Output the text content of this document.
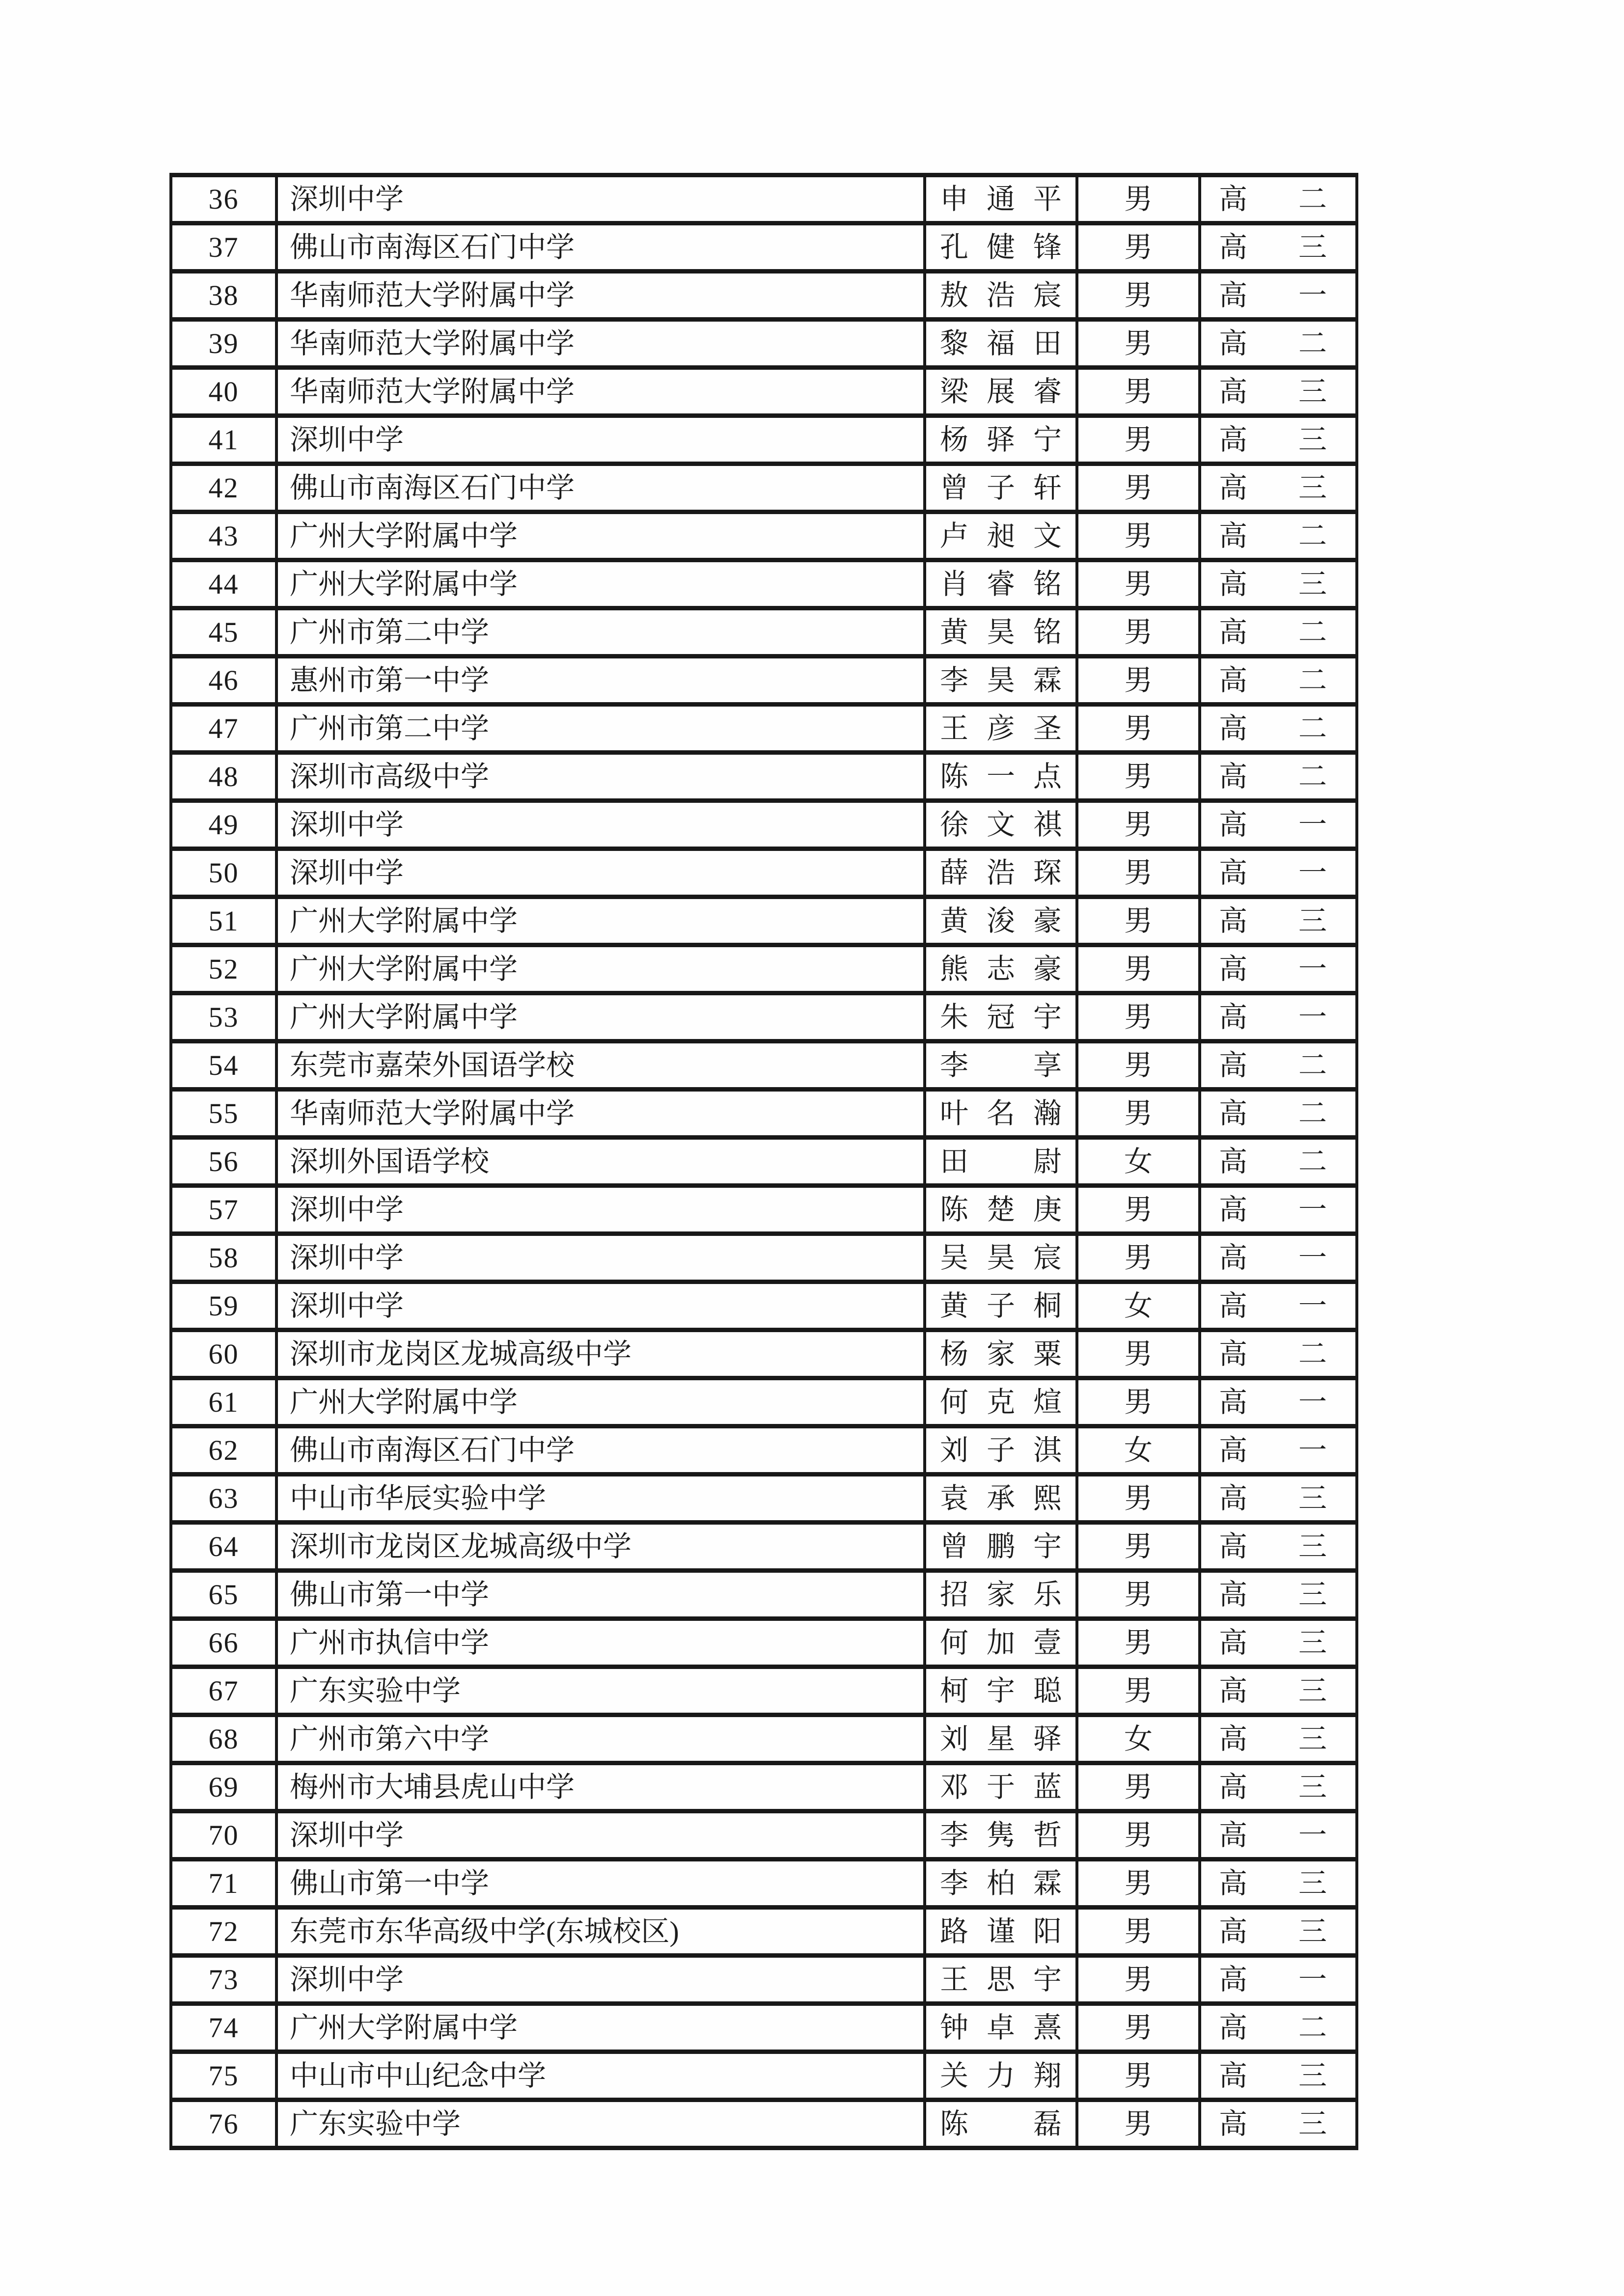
36	深圳中学	申通平	男	高二
37	佛山市南海区石门中学	孔健锋	男	高三
38	华南师范大学附属中学	敖浩宸	男	高一
39	华南师范大学附属中学	黎福田	男	高二
40	华南师范大学附属中学	梁展睿	男	高三
41	深圳中学	杨驿宁	男	高三
42	佛山市南海区石门中学	曾子轩	男	高三
43	广州大学附属中学	卢昶文	男	高二
44	广州大学附属中学	肖睿铭	男	高三
45	广州市第二中学	黄昊铭	男	高二
46	惠州市第一中学	李昊霖	男	高二
47	广州市第二中学	王彦圣	男	高二
48	深圳市高级中学	陈一点	男	高二
49	深圳中学	徐文祺	男	高一
50	深圳中学	薛浩琛	男	高一
51	广州大学附属中学	黄浚豪	男	高三
52	广州大学附属中学	熊志豪	男	高一
53	广州大学附属中学	朱冠宇	男	高一
54	东莞市嘉荣外国语学校	李享	男	高二
55	华南师范大学附属中学	叶名瀚	男	高二
56	深圳外国语学校	田尉	女	高二
57	深圳中学	陈楚庚	男	高一
58	深圳中学	吴昊宸	男	高一
59	深圳中学	黄子桐	女	高一
60	深圳市龙岗区龙城高级中学	杨家粟	男	高二
61	广州大学附属中学	何克煊	男	高一
62	佛山市南海区石门中学	刘子淇	女	高一
63	中山市华辰实验中学	袁承熙	男	高三
64	深圳市龙岗区龙城高级中学	曾鹏宇	男	高三
65	佛山市第一中学	招家乐	男	高三
66	广州市执信中学	何加壹	男	高三
67	广东实验中学	柯宇聪	男	高三
68	广州市第六中学	刘星驿	女	高三
69	梅州市大埔县虎山中学	邓于蓝	男	高三
70	深圳中学	李隽哲	男	高一
71	佛山市第一中学	李柏霖	男	高三
72	东莞市东华高级中学(东城校区)	路谨阳	男	高三
73	深圳中学	王思宇	男	高一
74	广州大学附属中学	钟卓熹	男	高二
75	中山市中山纪念中学	关力翔	男	高三
76	广东实验中学	陈磊	男	高三
